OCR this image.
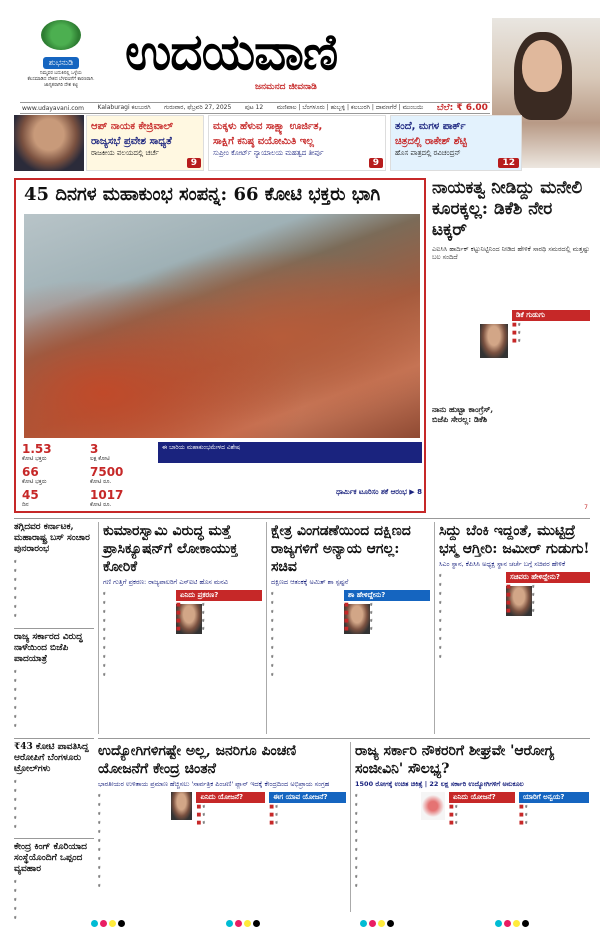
ಶುಭನುಡಿ
ನಿಮ್ಮವರ ಬದುಕಿನಲ್ಲಿ ಒಳ್ಳೆಯ
ಕೆಲಸಮಾಡಿದ ದೇಶದ ಬೆಳವಣಿಗೆಗೆ ಕಾರಣರಾಗಿ.
ಜಾಗೃತರಾಗಿರಿ ದೇಶ ಕಟ್ಟಿ
ಉದಯವಾಣಿ
ಜನಮನದ ಜೀವನಾಡಿ
www.udayavani.com Kalaburagi ಕಲಬುರಗಿ ಗುರುವಾರ, ಫೆಬ್ರವರಿ 27, 2025 ಪುಟ 12 ಮಣಿಪಾಲ | ಬೆಂಗಳೂರು | ಹುಬ್ಬಳ್ಳಿ | ಕಲಬುರಗಿ | ದಾವಣಗೆರೆ | ಮುಂಬಯಿ ಬೆಲೆ: ₹ 6.00
ಆಪ್ ನಾಯಕ ಕೇಜ್ರಿವಾಲ್
ರಾಜ್ಯಸಭೆ ಪ್ರವೇಶ ಸಾಧ್ಯತೆ
ರಾಜಕೀಯ ವಲಯದಲ್ಲಿ ಚರ್ಚೆ
9
ಮಕ್ಕಳು ಹೆಳುವ ಸಾಕ್ಷ್ಯಾ ಊರ್ಜಿತ,
ಸಾಕ್ಷಿಗೆ ಕನಿಷ್ಠ ವಯೋಮಿತಿ ಇಲ್ಲ
ಸುಪ್ರೀಂ ಕೋರ್ಟ್ ನ್ಯಾಯಾಲಯ ಮಹತ್ವದ ತೀರ್ಪು
9
ತಂದೆ, ಮಗಳ ಪಾರ್ಕ್
ಚಿತ್ರದಲ್ಲಿ ರಾಕೇಶ್ ಶೆಟ್ಟಿ
ಹೊಸ ಪಾತ್ರದಲ್ಲಿ ರವಿಚಂದ್ರನ್
12
45 ದಿನಗಳ ಮಹಾಕುಂಭ ಸಂಪನ್ನ: 66 ಕೋಟಿ ಭಕ್ತರು ಭಾಗಿ
1.53
ಕೋಟಿ ಭಕ್ತರು
3
ಲಕ್ಷ ಕೋಟಿ
ಈ ಬಾರಿಯ ಮಹಾಕುಂಭಮೇಳದ ವಿಶೇಷ
66
ಕೋಟಿ ಭಕ್ತರು
7500
ಕೋಟಿ ರೂ.
45
ದಿನ
1017
ಕೋಟಿ ರೂ.
ಧಾರ್ಮಿಕ ಟೂರಿಸಂ ಶಕೆ ಆರಂಭ ▶ 8
ನಾಯಕತ್ವ ನೀಡಿದ್ದು ಮನೇಲಿ ಕೂರಕ್ಕಲ್ಲ: ಡಿಕೆಶಿ ನೇರ ಟಕ್ಕರ್
ಎಐಸಿಸಿ ಹಾರ್ದಿಕ್ ಕಟ್ಟುನಿಟ್ಟಿನಿಂದ ನೀಡಿದ ಹೇಳಿಕೆ ಸಾರಥಿ ಸಮರದಲ್ಲಿ ಮತ್ತಷ್ಟು ಬಲ ಸಂದಿದೆ
ಡಿಕೆ ಗುಡುಗು
■ ಕ
■ ಕ
■ ಕ
ನಾನು ಹುಟ್ಟಾ ಕಾಂಗ್ರೆಸ್, ಬಿಜೆಪಿ ಸೇರಲ್ಲ: ಡಿಕೆಶಿ
7
ತಗ್ಗಿದವರ ಕರ್ನಾಟಕ, ಮಹಾರಾಷ್ಟ್ರ ಬಸ್ ಸಂಚಾರ ಪುನರಾರಂಭ

ಕ

ಕ

ಕ

ಕ

ಕ

ಕ

ಕ

ರಾಜ್ಯ ಸರ್ಕಾರದ ವಿರುದ್ಧ ನಾಳೆಯಿಂದ ಬಿಜೆಪಿ ಪಾದಯಾತ್ರೆ

ಕ

ಕ

ಕ

ಕ

ಕ

ಕ

ಕ

₹43 ಕೋಟಿ ಪಾವತಿಸಿದ್ದ ಆರೋಪಿಗೆ ಬೆಂಗಳೂರು ಟ್ರೋಲ್‌ಗಳು

ಕ

ಕ

ಕ

ಕ

ಕ

ಕ

ಕೇಂದ್ರ ಕಿಂಗ್ ಕೊರಿಯಾದ ಸಂಸ್ಥೆಯೊಂದಿಗೆ ಒಪ್ಪಂದ ವ್ಯವಹಾರ

ಕ

ಕ

ಕ

ಕ

ಕ

ಕುಮಾರಸ್ವಾಮಿ ವಿರುದ್ಧ ಮತ್ತೆ ಪ್ರಾಸಿಕ್ಯೂಷನ್‌ಗೆ ಲೋಕಾಯುಕ್ತ ಕೋರಿಕೆ
ಗಣಿ ಗುತ್ತಿಗೆ ಪ್ರಕರಣ: ರಾಜ್ಯಪಾಲರಿಗೆ ಎಸ್‌ಐಟಿ ಹೊಸ ಮನವಿ

ಕ

ಕ

ಕ

ಕ

ಕ

ಕ

ಕ

ಕ

ಕ

ಕ

ಏನಿದು ಪ್ರಕರಣ?
■ ಕ
■ ಕ
■ ಕ
■ ಕ
ಕ್ಷೇತ್ರ ವಿಂಗಡಣೆಯಿಂದ ದಕ್ಷಿಣದ ರಾಜ್ಯಗಳಿಗೆ ಅನ್ಯಾಯ ಆಗಲ್ಲ: ಸಚಿವ
ದಕ್ಷಿಣದ ಆತಂಕಕ್ಕೆ ಅಮಿತ್ ಶಾ ಸ್ಪಷ್ಟನೆ

ಕ

ಕ

ಕ

ಕ

ಕ

ಕ

ಕ

ಕ

ಕ

ಕ

ಶಾ ಹೇಳಿದ್ದೇನು?
■ ಕ
■ ಕ
■ ಕ
■ ಕ
ಸಿದ್ದು ಬೆಂಕಿ ಇದ್ದಂತೆ, ಮುಟ್ಟಿದ್ರೆ ಭಸ್ಮ ಆಗ್ತೀರಿ: ಜಮೀರ್ ಗುಡುಗು!
ಸಿಎಂ ಸ್ಥಾನ, ಕೆಪಿಸಿಸಿ ಅಧ್ಯಕ್ಷ ಸ್ಥಾನ ಚರ್ಚೆ ಬಗ್ಗೆ ಸಚಿವರ ಹೇಳಿಕೆ

ಕ

ಕ

ಕ

ಕ

ಕ

ಕ

ಕ

ಕ

ಕ

ಕ

ಸಚಿವರು ಹೇಳಿದ್ದೇನು?
■ ಕ
■ ಕ
■ ಕ
■ ಕ
ಉದ್ಯೋಗಿಗಳಿಗಷ್ಟೇ ಅಲ್ಲ, ಜನರಿಗೂ ಪಿಂಚಣಿ ಯೋಜನೆಗೆ ಕೇಂದ್ರ ಚಿಂತನೆ
ಭಾರತೀಯರ ಉಳಿತಾಯ ಪ್ರಮಾಣ ಹೆಚ್ಚಿಸಲು 'ಸಾರ್ವತ್ರಿಕ ಪಿಂಚಣಿ' ಪ್ಲಾನ್ ಇದಕ್ಕೆ ಕೇಂದ್ರದಿಂದ ಅಭಿಪ್ರಾಯ ಸಂಗ್ರಹ

ಕ

ಕ

ಕ

ಕ

ಕ

ಕ

ಕ

ಕ

ಕ

ಕ

ಕ

ಏನಿದು ಯೋಜನೆ?
■ ಕ
■ ಕ
■ ಕ
ಈಗ ಯಾವ ಯೋಜನೆ?
■ ಕ
■ ಕ
■ ಕ
ರಾಜ್ಯ ಸರ್ಕಾರಿ ನೌಕರರಿಗೆ ಶೀಘ್ರವೇ 'ಆರೋಗ್ಯ ಸಂಜೀವಿನಿ' ಸೌಲಭ್ಯ?
1500 ರೋಗಕ್ಕೆ ಉಚಿತ ಚಿಕಿತ್ಸೆ | 22 ಲಕ್ಷ ಸರ್ಕಾರಿ ಉದ್ಯೋಗಿಗಳಿಗೆ ಅನುಕೂಲ

ಕ

ಕ

ಕ

ಕ

ಕ

ಕ

ಕ

ಕ

ಕ

ಕ

ಕ

ಏನಿದು ಯೋಜನೆ?
■ ಕ
■ ಕ
■ ಕ
ಯಾರಿಗೆ ಅನ್ವಯ?
■ ಕ
■ ಕ
■ ಕ
